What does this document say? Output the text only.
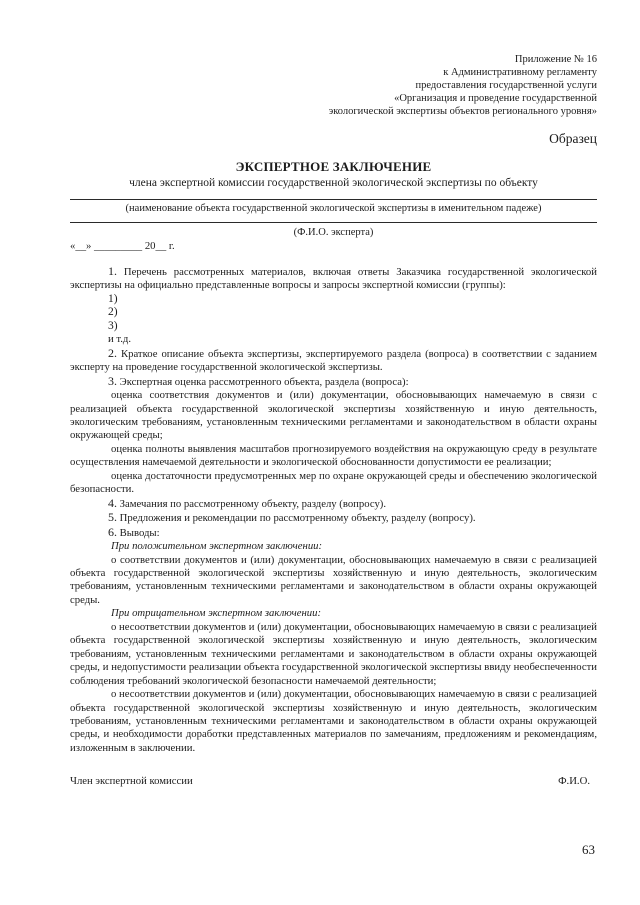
Приложение № 16
к Административному регламенту
предоставления государственной услуги
«Организация и проведение государственной
экологической экспертизы объектов регионального уровня»
Образец
ЭКСПЕРТНОЕ ЗАКЛЮЧЕНИЕ
члена экспертной комиссии государственной экологической экспертизы по объекту
(наименование объекта государственной экологической экспертизы в именительном падеже)
(Ф.И.О. эксперта)
«__» _________ 20__ г.

1. Перечень рассмотренных материалов, включая ответы Заказчика государственной экологической экспертизы на официально представленные вопросы и запросы экспертной комиссии (группы):

1)

2)

3)

и т.д.

2. Краткое описание объекта экспертизы, экспертируемого раздела (вопроса) в соответствии с заданием эксперту на проведение государственной экологической экспертизы.

3. Экспертная оценка рассмотренного объекта, раздела (вопроса):

оценка соответствия документов и (или) документации, обосновывающих намечаемую в связи с реализацией объекта государственной экологической экспертизы хозяйственную и иную деятельность, экологическим требованиям, установленным техническими регламентами и законодательством в области охраны окружающей среды;

оценка полноты выявления масштабов прогнозируемого воздействия на окружающую среду в результате осуществления намечаемой деятельности и экологической обоснованности допустимости ее реализации;

оценка достаточности предусмотренных мер по охране окружающей среды и обеспечению экологической безопасности.

4. Замечания по рассмотренному объекту, разделу (вопросу).

5. Предложения и рекомендации по рассмотренному объекту, разделу (вопросу).

6. Выводы:

При положительном экспертном заключении:

о соответствии документов и (или) документации, обосновывающих намечаемую в связи с реализацией объекта государственной экологической экспертизы хозяйственную и иную деятельность, экологическим требованиям, установленным техническими регламентами и законодательством в области охраны окружающей среды.

При отрицательном экспертном заключении:

о несоответствии документов и (или) документации, обосновывающих намечаемую в связи с реализацией объекта государственной экологической экспертизы хозяйственную и иную деятельность, экологическим требованиям, установленным техническими регламентами и законодательством в области охраны окружающей среды, и недопустимости реализации объекта государственной экологической экспертизы ввиду необеспеченности соблюдения требований экологической безопасности намечаемой деятельности;

о несоответствии документов и (или) документации, обосновывающих намечаемую в связи с реализацией объекта государственной экологической экспертизы хозяйственную и иную деятельность, экологическим требованиям, установленным техническими регламентами и законодательством в области охраны окружающей среды, и необходимости доработки представленных материалов по замечаниям, предложениям и рекомендациям, изложенным в заключении.

Член экспертной комиссии	Ф.И.О.
63
